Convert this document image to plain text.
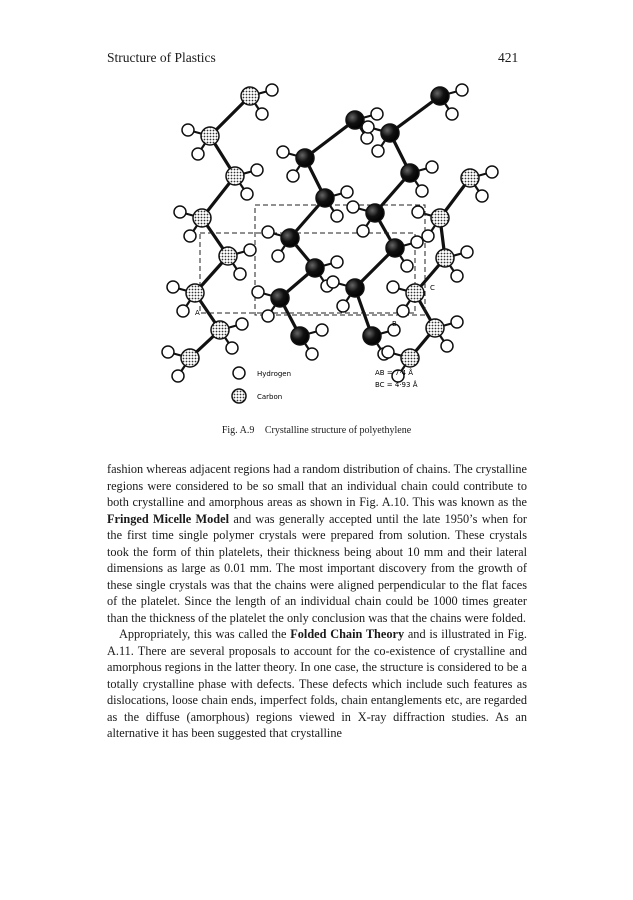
Structure of Plastics	421
A
B
C
Hydrogen
Carbon
AB = 7·4 Å
BC = 4·93 Å
Fig. A.9 Crystalline structure of polyethylene

fashion whereas adjacent regions had a random distribution of chains. The crystalline regions were considered to be so small that an individual chain could contribute to both crystalline and amorphous areas as shown in Fig. A.10. This was known as the Fringed Micelle Model and was generally accepted until the late 1950’s when for the first time single polymer crystals were prepared from solution. These crystals took the form of thin platelets, their thickness being about 10 mm and their lateral dimensions as large as 0.01 mm. The most important discovery from the growth of these single crystals was that the chains were aligned perpendicular to the flat faces of the platelet. Since the length of an individual chain could be 1000 times greater than the thickness of the platelet the only conclusion was that the chains were folded.

Appropriately, this was called the Folded Chain Theory and is illustrated in Fig. A.11. There are several proposals to account for the co-existence of crystalline and amorphous regions in the latter theory. In one case, the structure is considered to be a totally crystalline phase with defects. These defects which include such features as dislocations, loose chain ends, imperfect folds, chain entanglements etc, are regarded as the diffuse (amorphous) regions viewed in X-ray diffraction studies. As an alternative it has been suggested that crystalline
